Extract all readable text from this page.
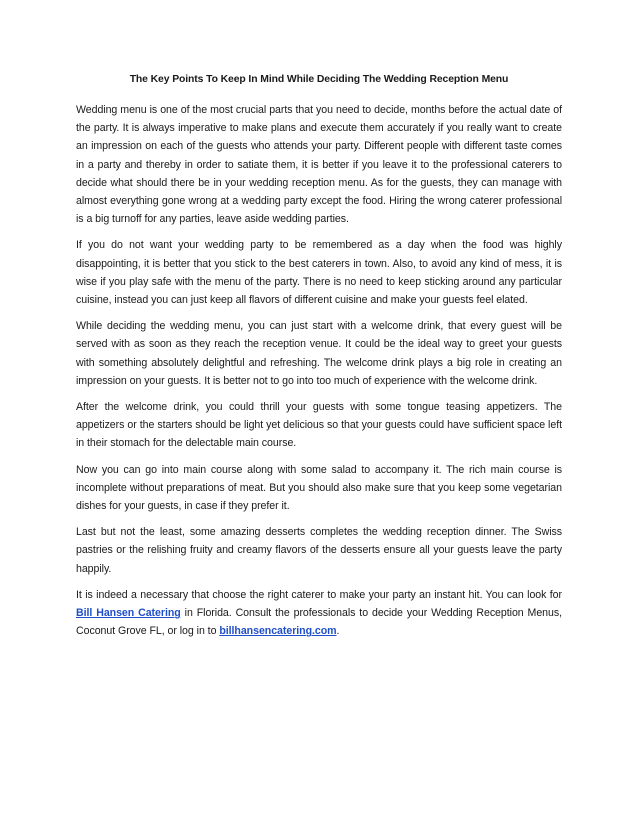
The Key Points To Keep In Mind While Deciding The Wedding Reception Menu

Wedding menu is one of the most crucial parts that you need to decide, months before the actual date of the party. It is always imperative to make plans and execute them accurately if you really want to create an impression on each of the guests who attends your party. Different people with different taste comes in a party and thereby in order to satiate them, it is better if you leave it to the professional caterers to decide what should there be in your wedding reception menu. As for the guests, they can manage with almost everything gone wrong at a wedding party except the food. Hiring the wrong caterer professional is a big turnoff for any parties, leave aside wedding parties.

If you do not want your wedding party to be remembered as a day when the food was highly disappointing, it is better that you stick to the best caterers in town. Also, to avoid any kind of mess, it is wise if you play safe with the menu of the party. There is no need to keep sticking around any particular cuisine, instead you can just keep all flavors of different cuisine and make your guests feel elated.

While deciding the wedding menu, you can just start with a welcome drink, that every guest will be served with as soon as they reach the reception venue. It could be the ideal way to greet your guests with something absolutely delightful and refreshing. The welcome drink plays a big role in creating an impression on your guests. It is better not to go into too much of experience with the welcome drink.

After the welcome drink, you could thrill your guests with some tongue teasing appetizers. The appetizers or the starters should be light yet delicious so that your guests could have sufficient space left in their stomach for the delectable main course.

Now you can go into main course along with some salad to accompany it. The rich main course is incomplete without preparations of meat. But you should also make sure that you keep some vegetarian dishes for your guests, in case if they prefer it.

Last but not the least, some amazing desserts completes the wedding reception dinner. The Swiss pastries or the relishing fruity and creamy flavors of the desserts ensure all your guests leave the party happily.

It is indeed a necessary that choose the right caterer to make your party an instant hit. You can look for Bill Hansen Catering in Florida. Consult the professionals to decide your Wedding Reception Menus, Coconut Grove FL, or log in to billhansencatering.com.
